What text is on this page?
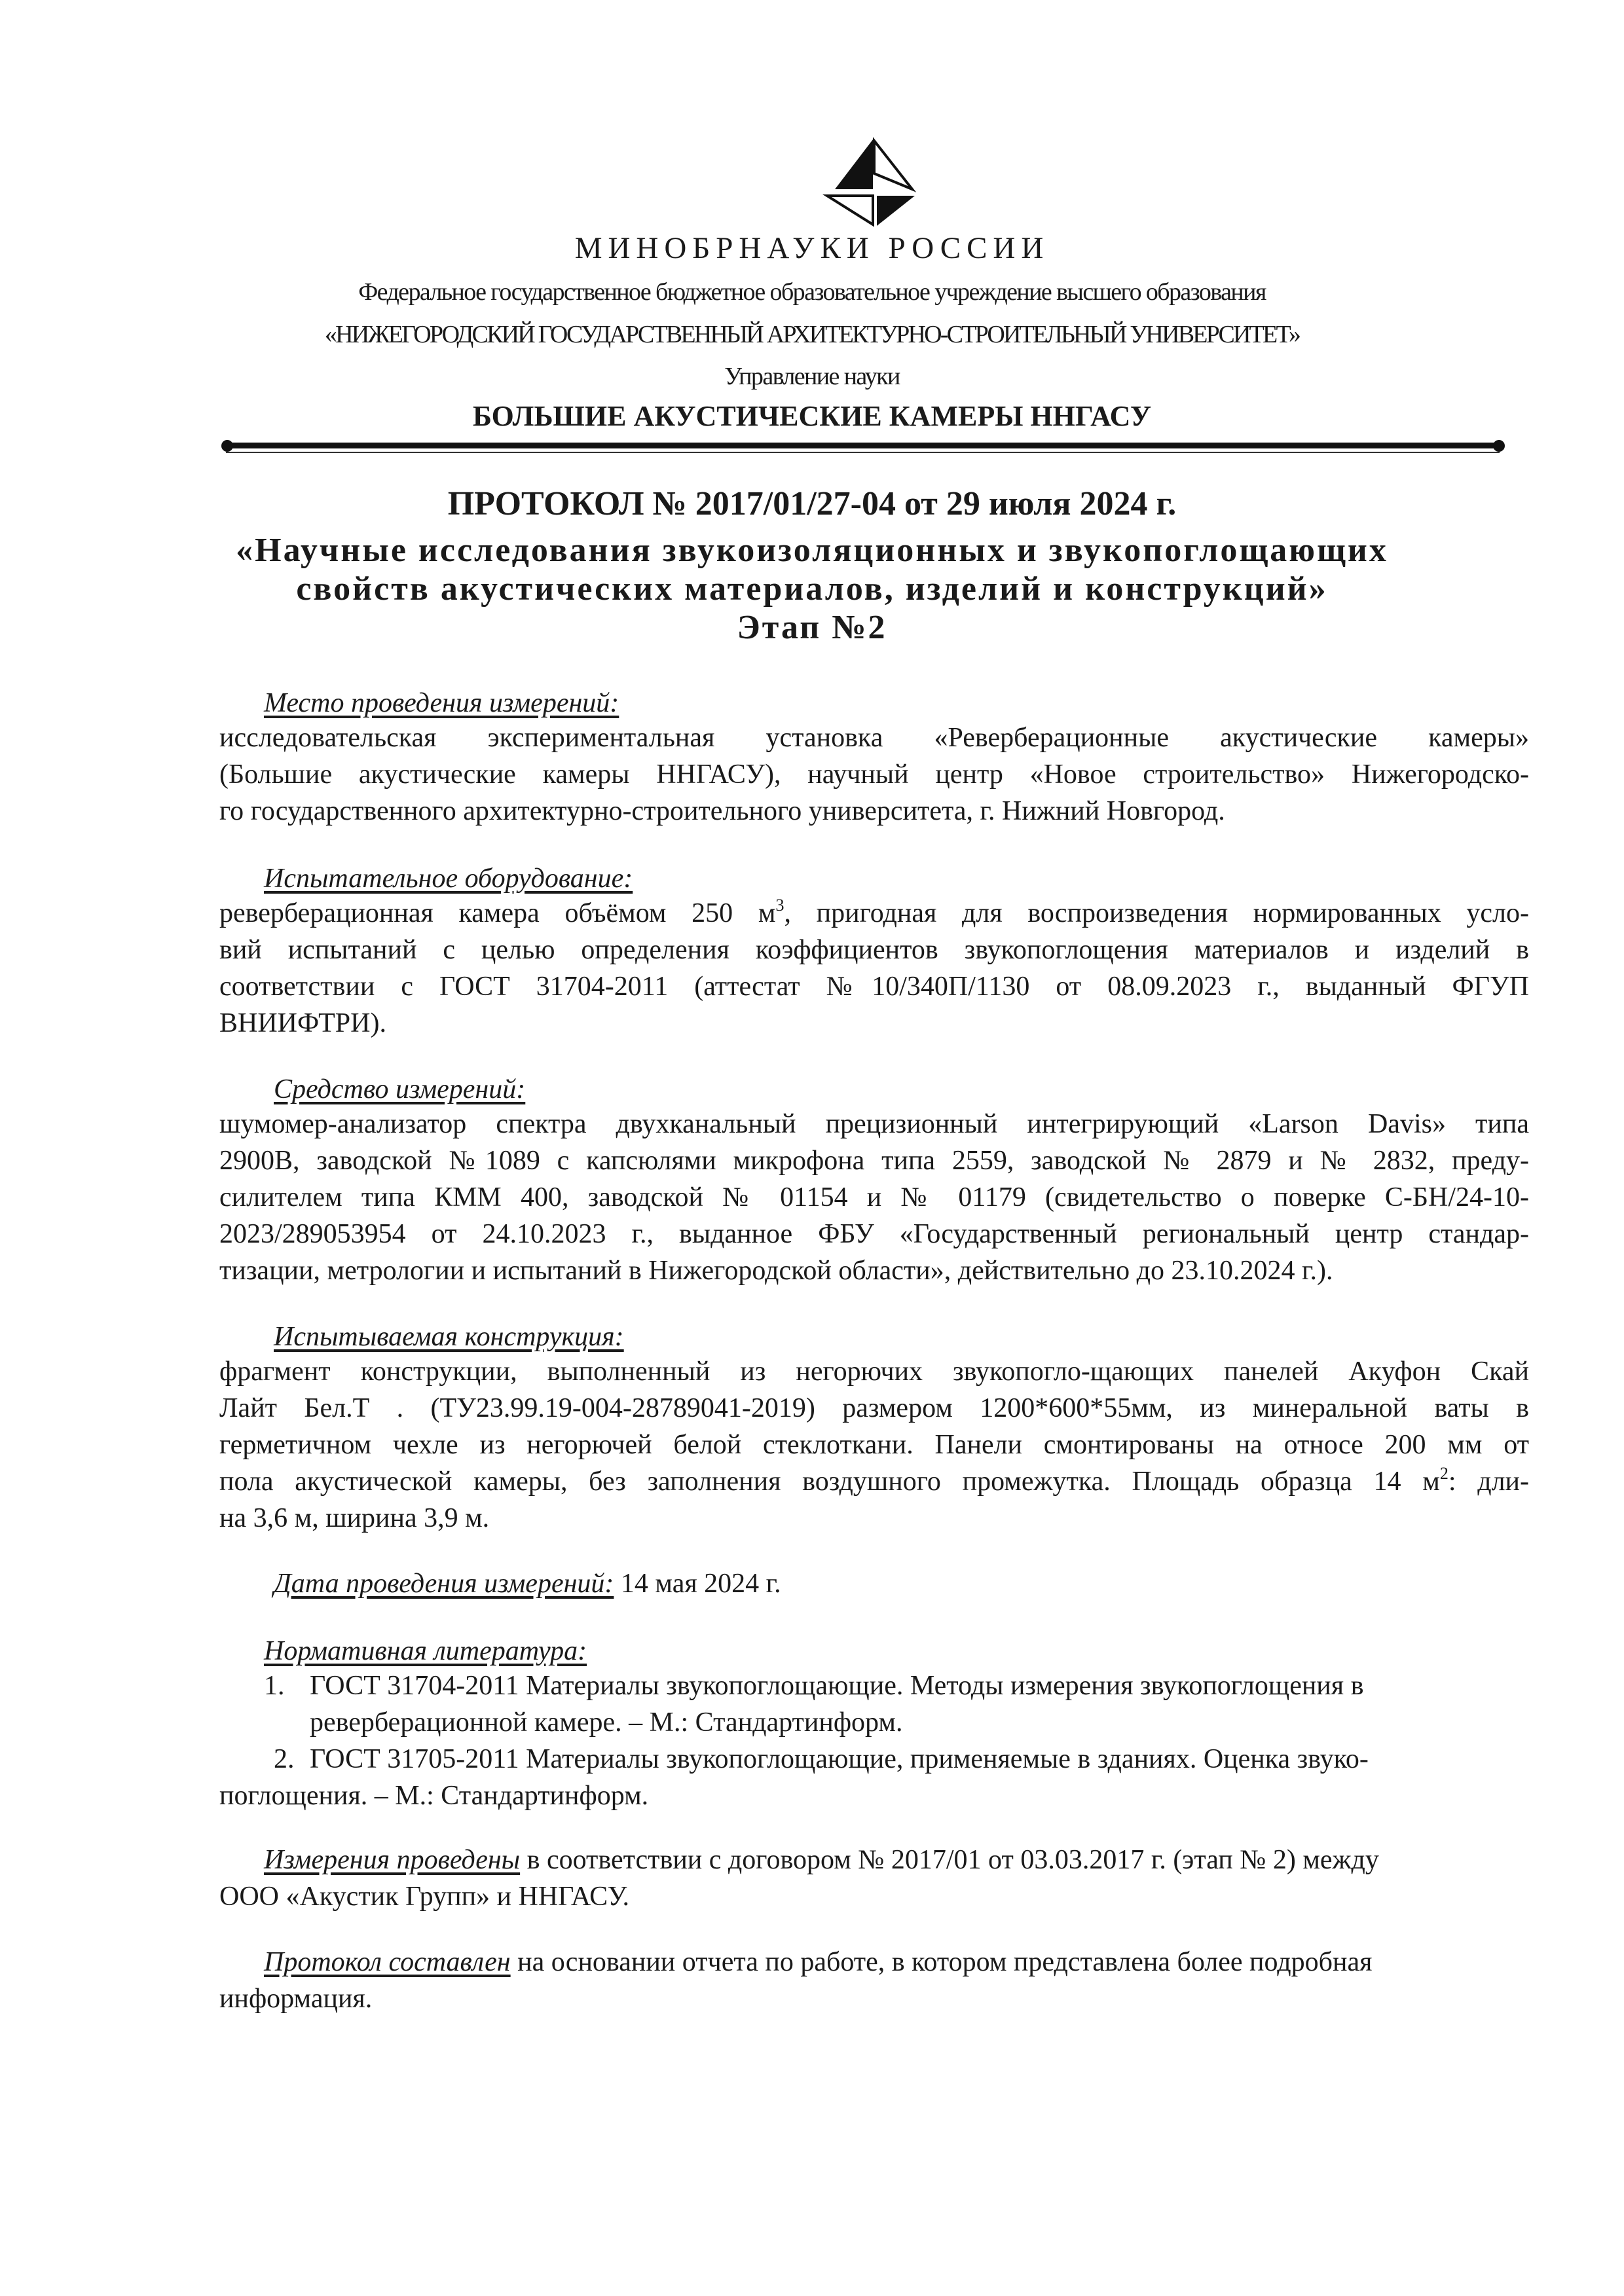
МИНОБРНАУКИ РОССИИ
Федеральное государственное бюджетное образовательное учреждение высшего образования
«НИЖЕГОРОДСКИЙ ГОСУДАРСТВЕННЫЙ АРХИТЕКТУРНО-СТРОИТЕЛЬНЫЙ УНИВЕРСИТЕТ»
Управление науки
БОЛЬШИЕ АКУСТИЧЕСКИЕ КАМЕРЫ ННГАСУ
ПРОТОКОЛ № 2017/01/27-04 от 29 июля 2024 г.
«Научные исследования звукоизоляционных и звукопоглощающих
свойств акустических материалов, изделий и конструкций»
Этап №2
Место проведения измерений:
исследовательская экспериментальная установка «Реверберационные акустические камеры»
(Большие акустические камеры ННГАСУ), научный центр «Новое строительство» Нижегородско-
го государственного архитектурно-строительного университета, г. Нижний Новгород.
Испытательное оборудование:
реверберационная камера объёмом 250 $м^3$, пригодная для воспроизведения нормированных усло-
вий испытаний с целью определения коэффициентов звукопоглощения материалов и изделий в
соответствии с ГОСТ 31704-2011 (аттестат №10/340П/1130 от 08.09.2023 г., выданный ФГУП
ВНИИФТРИ).
Средство измерений:
шумомер-анализатор спектра двухканальный прецизионный интегрирующий «Larson Davis» типа
2900В, заводской №1089 с капсюлями микрофона типа 2559, заводской № 2879 и № 2832, преду-
силителем типа КММ 400, заводской № 01154 и № 01179 (свидетельство о поверке С-БН/24-10-
2023/289053954 от 24.10.2023 г., выданное ФБУ «Государственный региональный центр стандар-
тизации, метрологии и испытаний в Нижегородской области», действительно до 23.10.2024 г.).
Испытываемая конструкция:
фрагмент конструкции, выполненный из негорючих звукопогло-щающих панелей Акуфон Скай
Лайт Бел.Т . (ТУ23.99.19-004-28789041-2019) размером 1200*600*55мм, из минеральной ваты в
герметичном чехле из негорючей белой стеклоткани. Панели смонтированы на относе 200 мм от
пола акустической камеры, без заполнения воздушного промежутка. Площадь образца 14 $м^2$: дли-
на 3,6 м, ширина 3,9 м.
Дата проведения измерений: 14 мая 2024 г.
Нормативная литература:
1. ГОСТ 31704-2011 Материалы звукопоглощающие. Методы измерения звукопоглощения в
реверберационной камере. – М.: Стандартинформ.
2. ГОСТ 31705-2011 Материалы звукопоглощающие, применяемые в зданиях. Оценка звуко-
поглощения. – М.: Стандартинформ.
Измерения проведены в соответствии с договором № 2017/01 от 03.03.2017 г. (этап № 2) между
ООО «Акустик Групп» и ННГАСУ.
Протокол составлен на основании отчета по работе, в котором представлена более подробная
информация.
